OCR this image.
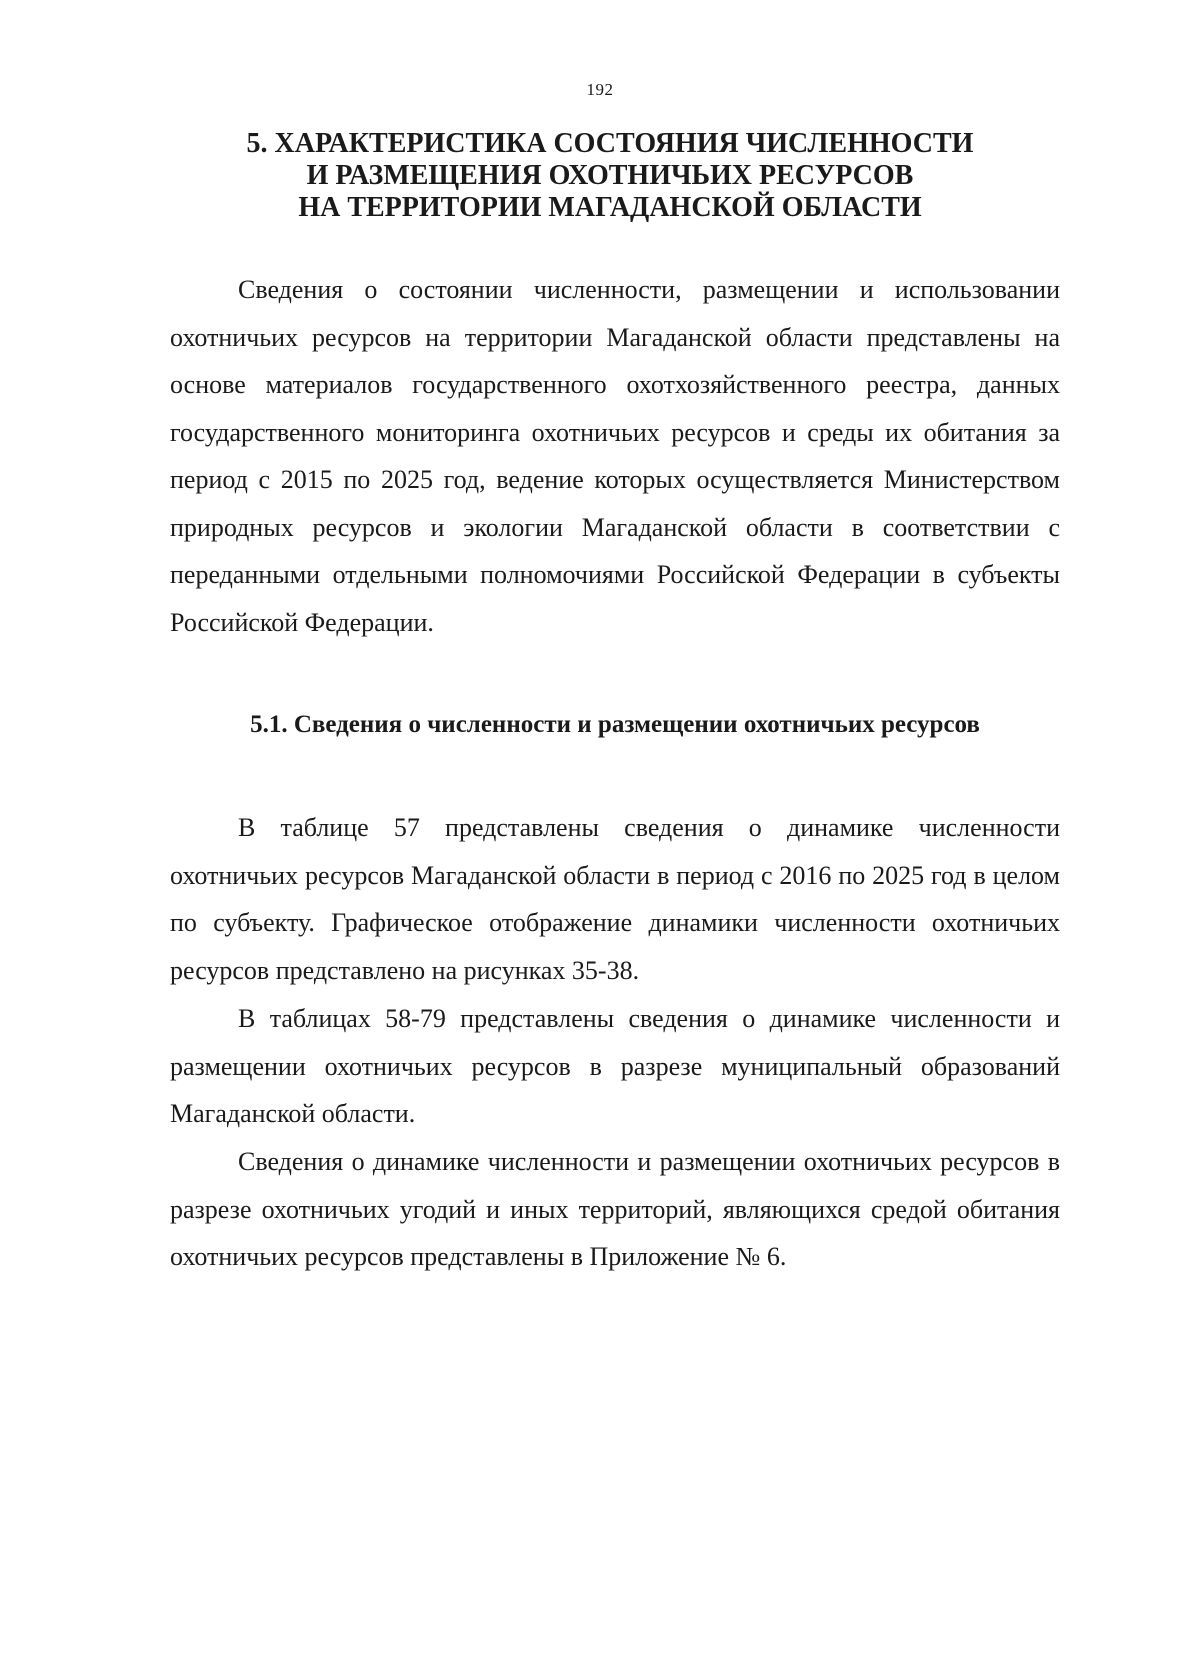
192
5. ХАРАКТЕРИСТИКА СОСТОЯНИЯ ЧИСЛЕННОСТИ
И РАЗМЕЩЕНИЯ ОХОТНИЧЬИХ РЕСУРСОВ
НА ТЕРРИТОРИИ МАГАДАНСКОЙ ОБЛАСТИ

Сведения о состоянии численности, размещении и использовании охотничьих ресурсов на территории Магаданской области представлены на основе материалов государственного охотхозяйственного реестра, данных государственного мониторинга охотничьих ресурсов и среды их обитания за период с 2015 по 2025 год, ведение которых осуществляется Министерством природных ресурсов и экологии Магаданской области в соответствии с переданными отдельными полномочиями Российской Федерации в субъекты Российской Федерации.

5.1. Сведения о численности и размещении охотничьих ресурсов

В таблице 57 представлены сведения о динамике численности охотничьих ресурсов Магаданской области в период с 2016 по 2025 год в целом по субъекту. Графическое отображение динамики численности охотничьих ресурсов представлено на рисунках 35-38.

В таблицах 58-79 представлены сведения о динамике численности и размещении охотничьих ресурсов в разрезе муниципальный образований Магаданской области.

Сведения о динамике численности и размещении охотничьих ресурсов в разрезе охотничьих угодий и иных территорий, являющихся средой обитания охотничьих ресурсов представлены в Приложение № 6.
